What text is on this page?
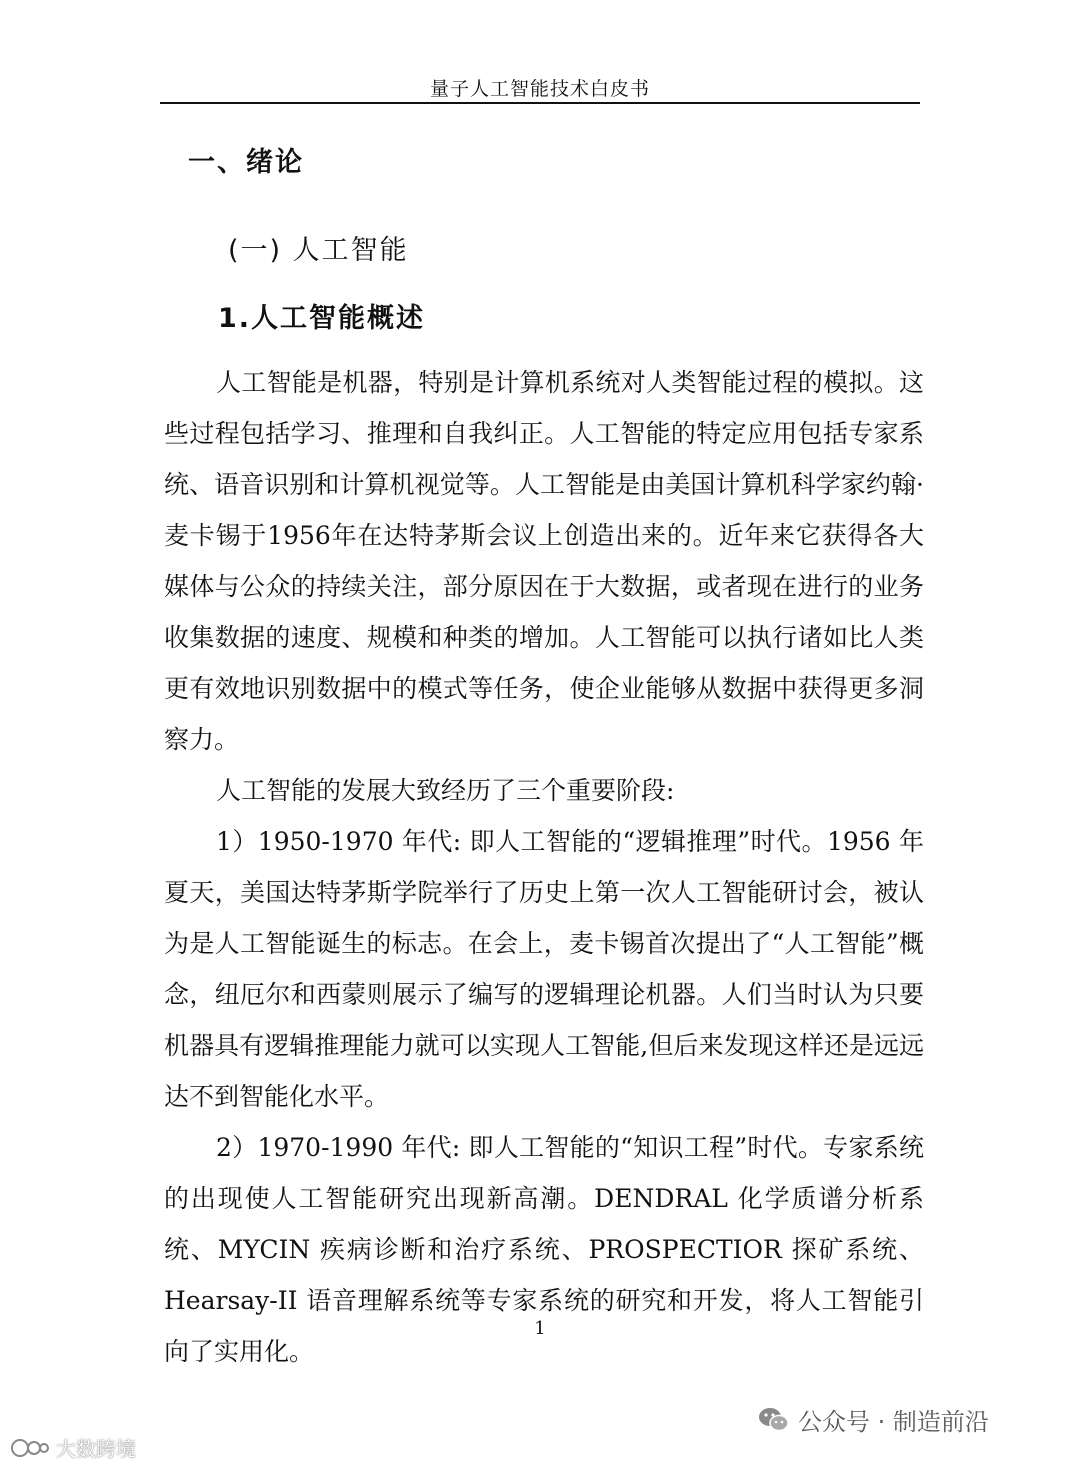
量子人工智能技术白皮书
一、绪论
(一) 人工智能
1.人工智能概述

人工智能是机器，特别是计算机系统对人类智能过程的模拟。这些过程包括学习、推理和自我纠正。人工智能的特定应用包括专家系统、语音识别和计算机视觉等。人工智能是由美国计算机科学家约翰·麦卡锡于1956年在达特茅斯会议上创造出来的。近年来它获得各大媒体与公众的持续关注，部分原因在于大数据，或者现在进行的业务收集数据的速度、规模和种类的增加。人工智能可以执行诸如比人类更有效地识别数据中的模式等任务，使企业能够从数据中获得更多洞察力。

人工智能的发展大致经历了三个重要阶段:

1）1950-1970 年代: 即人工智能的“逻辑推理”时代。1956 年夏天，美国达特茅斯学院举行了历史上第一次人工智能研讨会，被认为是人工智能诞生的标志。在会上，麦卡锡首次提出了“人工智能”概念，纽厄尔和西蒙则展示了编写的逻辑理论机器。人们当时认为只要机器具有逻辑推理能力就可以实现人工智能,但后来发现这样还是远远达不到智能化水平。

2）1970-1990 年代: 即人工智能的“知识工程”时代。专家系统的出现使人工智能研究出现新高潮。DENDRAL 化学质谱分析系统、MYCIN 疾病诊断和治疗系统、PROSPECTIOR 探矿系统、Hearsay-II 语音理解系统等专家系统的研究和开发，将人工智能引向了实用化。

1
公众号 · 制造前沿
大数跨境
